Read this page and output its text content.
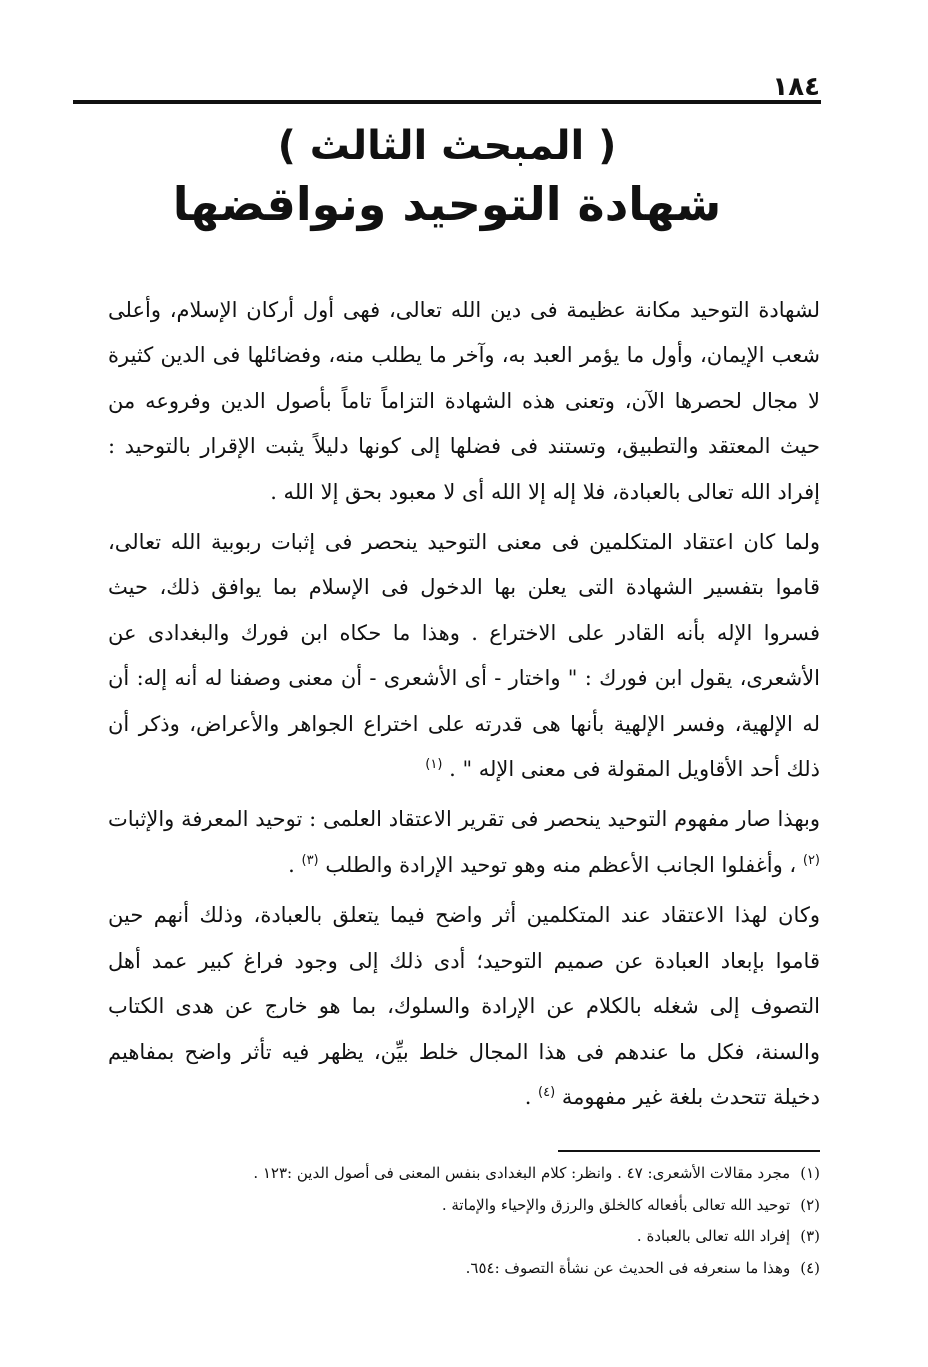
١٨٤
( المبحث الثالث )
شهادة التوحيد ونواقضها

لشهادة التوحيد مكانة عظيمة فى دين الله تعالى، فهى أول أركان الإسلام، وأعلى شعب الإيمان، وأول ما يؤمر العبد به، وآخر ما يطلب منه، وفضائلها فى الدين كثيرة لا مجال لحصرها الآن، وتعنى هذه الشهادة التزاماً تاماً بأصول الدين وفروعه من حيث المعتقد والتطبيق، وتستند فى فضلها إلى كونها دليلاً يثبت الإقرار بالتوحيد : إفراد الله تعالى بالعبادة، فلا إله إلا الله أى لا معبود بحق إلا الله .

ولما كان اعتقاد المتكلمين فى معنى التوحيد ينحصر فى إثبات ربوبية الله تعالى، قاموا بتفسير الشهادة التى يعلن بها الدخول فى الإسلام بما يوافق ذلك، حيث فسروا الإله بأنه القادر على الاختراع . وهذا ما حكاه ابن فورك والبغدادى عن الأشعرى، يقول ابن فورك : " واختار - أى الأشعرى - أن معنى وصفنا له أنه إله: أن له الإلهية، وفسر الإلهية بأنها هى قدرته على اختراع الجواهر والأعراض، وذكر أن ذلك أحد الأقاويل المقولة فى معنى الإله " . $^{(١)}$

وبهذا صار مفهوم التوحيد ينحصر فى تقرير الاعتقاد العلمى : توحيد المعرفة والإثبات $^{(٢)}$ ، وأغفلوا الجانب الأعظم منه وهو توحيد الإرادة والطلب $^{(٣)}$ .

وكان لهذا الاعتقاد عند المتكلمين أثر واضح فيما يتعلق بالعبادة، وذلك أنهم حين قاموا بإبعاد العبادة عن صميم التوحيد؛ أدى ذلك إلى وجود فراغ كبير عمد أهل التصوف إلى شغله بالكلام عن الإرادة والسلوك، بما هو خارج عن هدى الكتاب والسنة، فكل ما عندهم فى هذا المجال خلط بيِّن، يظهر فيه تأثر واضح بمفاهيم دخيلة تتحدث بلغة غير مفهومة $^{(٤)}$ .

(١)
مجرد مقالات الأشعرى: ٤٧ . وانظر: كلام البغدادى بنفس المعنى فى أصول الدين :١٢٣ .
(٢)
توحيد الله تعالى بأفعاله كالخلق والرزق والإحياء والإماتة .
(٣)
إفراد الله تعالى بالعبادة .
(٤)
وهذا ما سنعرفه فى الحديث عن نشأة التصوف :٦٥٤.
